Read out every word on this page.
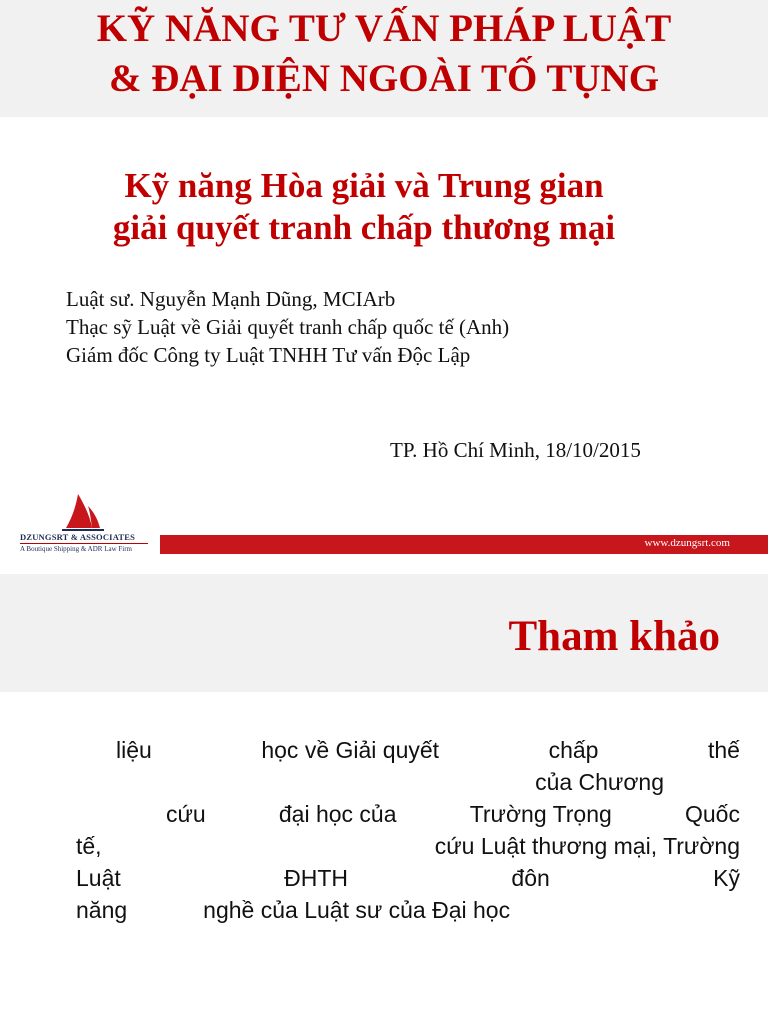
KỸ NĂNG TƯ VẤN PHÁP LUẬT
& ĐẠI DIỆN NGOÀI TỐ TỤNG
Kỹ năng Hòa giải và Trung gian
giải quyết tranh chấp thương mại
Luật sư. Nguyễn Mạnh Dũng, MCIArb
Thạc sỹ Luật về Giải quyết tranh chấp quốc tế (Anh)
Giám đốc Công ty Luật TNHH Tư vấn Độc Lập
TP. Hồ Chí Minh, 18/10/2015
DZUNGSRT & ASSOCIATES
A Boutique Shipping & ADR Law Firm	www.dzungsrt.com
Tham khảo
liệu	học về Giải quyết	chấp	thế
của Chương
cứu	đại học của	Trường Trọng	Quốc
tế,	cứu Luật thương mại, Trường
Luật	ĐHTH	đôn	Kỹ
năng	nghề của Luật sư của Đại học
